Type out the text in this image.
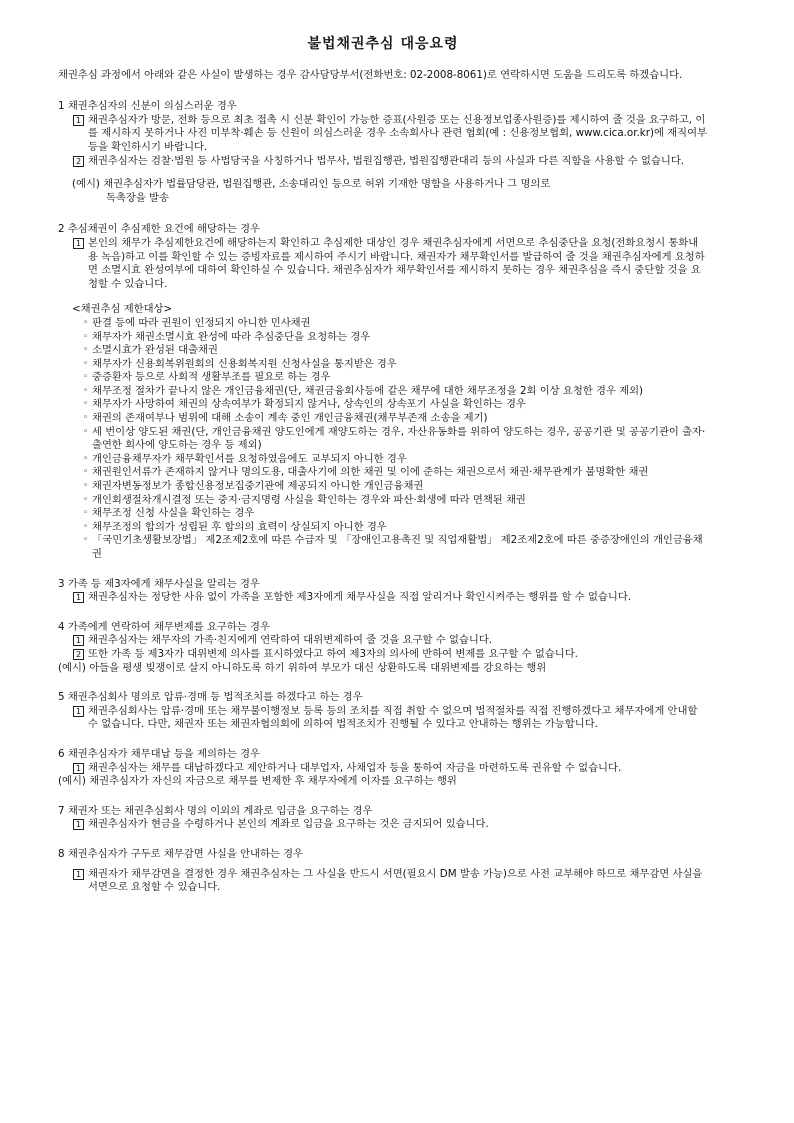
불법채권추심 대응요령
채권추심 과정에서 아래와 같은 사실이 발생하는 경우 감사담당부서(전화번호: 02-2008-8061)로 연락하시면 도움을 드리도록 하겠습니다.
1 채권추심자의 신분이 의심스러운 경우
1 채권추심자가 방문, 전화 등으로 최초 접촉 시 신분 확인이 가능한 증표(사원증 또는 신용정보업종사원증)를 제시하여 줄 것을 요구하고, 이를 제시하지 못하거나 사진 미부착·훼손 등 신원이 의심스러운 경우 소속회사나 관련 협회(예 : 신용정보협회, www.cica.or.kr)에 재직여부 등을 확인하시기 바랍니다.
2 채권추심자는 검찰·법원 등 사법당국을 사칭하거나 법무사, 법원집행관, 법원집행관대리 등의 사실과 다른 직함을 사용할 수 없습니다.
(예시) 채권추심자가 법률담당관, 법원집행관, 소송대리인 등으로 허위 기재한 명함을 사용하거나 그 명의로
독촉장을 발송
2 추심채권이 추심제한 요건에 해당하는 경우
1 본인의 채무가 추심제한요건에 해당하는지 확인하고 추심제한 대상인 경우 채권추심자에게 서면으로 추심중단을 요청(전화요청시 통화내용 녹음)하고 이를 확인할 수 있는 증빙자료를 제시하여 주시기 바랍니다. 채권자가 채무확인서를 발급하여 줄 것을 채권추심자에게 요청하면 소멸시효 완성여부에 대하여 확인하실 수 있습니다. 채권추심자가 채무확인서를 제시하지 못하는 경우 채권추심을 즉시 중단할 것을 요청할 수 있습니다.
<채권추심 제한대상>
◦ 판결 등에 따라 권원이 인정되지 아니한 민사채권
◦ 채무자가 채권소멸시효 완성에 따라 추심중단을 요청하는 경우
◦ 소멸시효가 완성된 대출채권
◦ 채무자가 신용회복위원회의 신용회복지원 신청사실을 통지받은 경우
◦ 중증환자 등으로 사회적 생활부조를 필요로 하는 경우
◦ 채무조정 절차가 끝나지 않은 개인금융채권(단, 채권금융회사등에 같은 채무에 대한 채무조정을 2회 이상 요청한 경우 제외)
◦ 채무자가 사망하여 채권의 상속여부가 확정되지 않거나, 상속인의 상속포기 사실을 확인하는 경우
◦ 채권의 존재여부나 범위에 대해 소송이 계속 중인 개인금융채권(채무부존재 소송을 제기)
◦ 세 번이상 양도된 채권(단, 개인금융채권 양도인에게 재양도하는 경우, 자산유동화를 위하여 양도하는 경우, 공공기관 및 공공기관이 출자·출연한 회사에 양도하는 경우 등 제외)
◦ 개인금융채무자가 채무확인서를 요청하였음에도 교부되지 아니한 경우
◦ 채권원인서류가 존재하지 않거나 명의도용, 대출사기에 의한 채권 및 이에 준하는 채권으로서 채권·채무관계가 불명확한 채권
◦ 채권자변동정보가 종합신용정보집중기관에 제공되지 아니한 개인금융채권
◦ 개인회생절차개시결정 또는 중지·금지명령 사실을 확인하는 경우와 파산·회생에 따라 면책된 채권
◦ 채무조정 신청 사실을 확인하는 경우
◦ 채무조정의 합의가 성립된 후 합의의 효력이 상실되지 아니한 경우
◦ 「국민기초생활보장법」 제2조제2호에 따른 수급자 및 「장애인고용촉진 및 직업재활법」 제2조제2호에 따른 중증장애인의 개인금융채권
3 가족 등 제3자에게 채무사실을 알리는 경우
1 채권추심자는 정당한 사유 없이 가족을 포함한 제3자에게 채무사실을 직접 알리거나 확인시켜주는 행위를 할 수 없습니다.
4 가족에게 연락하여 채무변제를 요구하는 경우
1 채권추심자는 채무자의 가족·친지에게 연락하여 대위변제하여 줄 것을 요구할 수 없습니다.
2 또한 가족 등 제3자가 대위변제 의사를 표시하였다고 하여 제3자의 의사에 반하여 변제를 요구할 수 없습니다.
(예시) 아들을 평생 빚쟁이로 살지 아니하도록 하기 위하여 부모가 대신 상환하도록 대위변제를 강요하는 행위
5 채권추심회사 명의로 압류·경매 등 법적조치를 하겠다고 하는 경우
1 채권추심회사는 압류·경매 또는 채무불이행정보 등록 등의 조치를 직접 취할 수 없으며 법적절차를 직접 진행하겠다고 채무자에게 안내할 수 없습니다. 다만, 채권자 또는 채권자협의회에 의하여 법적조치가 진행될 수 있다고 안내하는 행위는 가능합니다.
6 채권추심자가 채무대납 등을 제의하는 경우
1 채권추심자는 채무를 대납하겠다고 제안하거나 대부업자, 사채업자 등을 통하여 자금을 마련하도록 권유할 수 없습니다.
(예시) 채권추심자가 자신의 자금으로 채무를 변제한 후 채무자에게 이자를 요구하는 행위
7 채권자 또는 채권추심회사 명의 이외의 계좌로 입금을 요구하는 경우
1 채권추심자가 현금을 수령하거나 본인의 계좌로 입금을 요구하는 것은 금지되어 있습니다.
8 채권추심자가 구두로 채무감면 사실을 안내하는 경우
1 채권자가 채무감면을 결정한 경우 채권추심자는 그 사실을 반드시 서면(필요시 DM 발송 가능)으로 사전 교부해야 하므로 채무감면 사실을 서면으로 요청할 수 있습니다.
